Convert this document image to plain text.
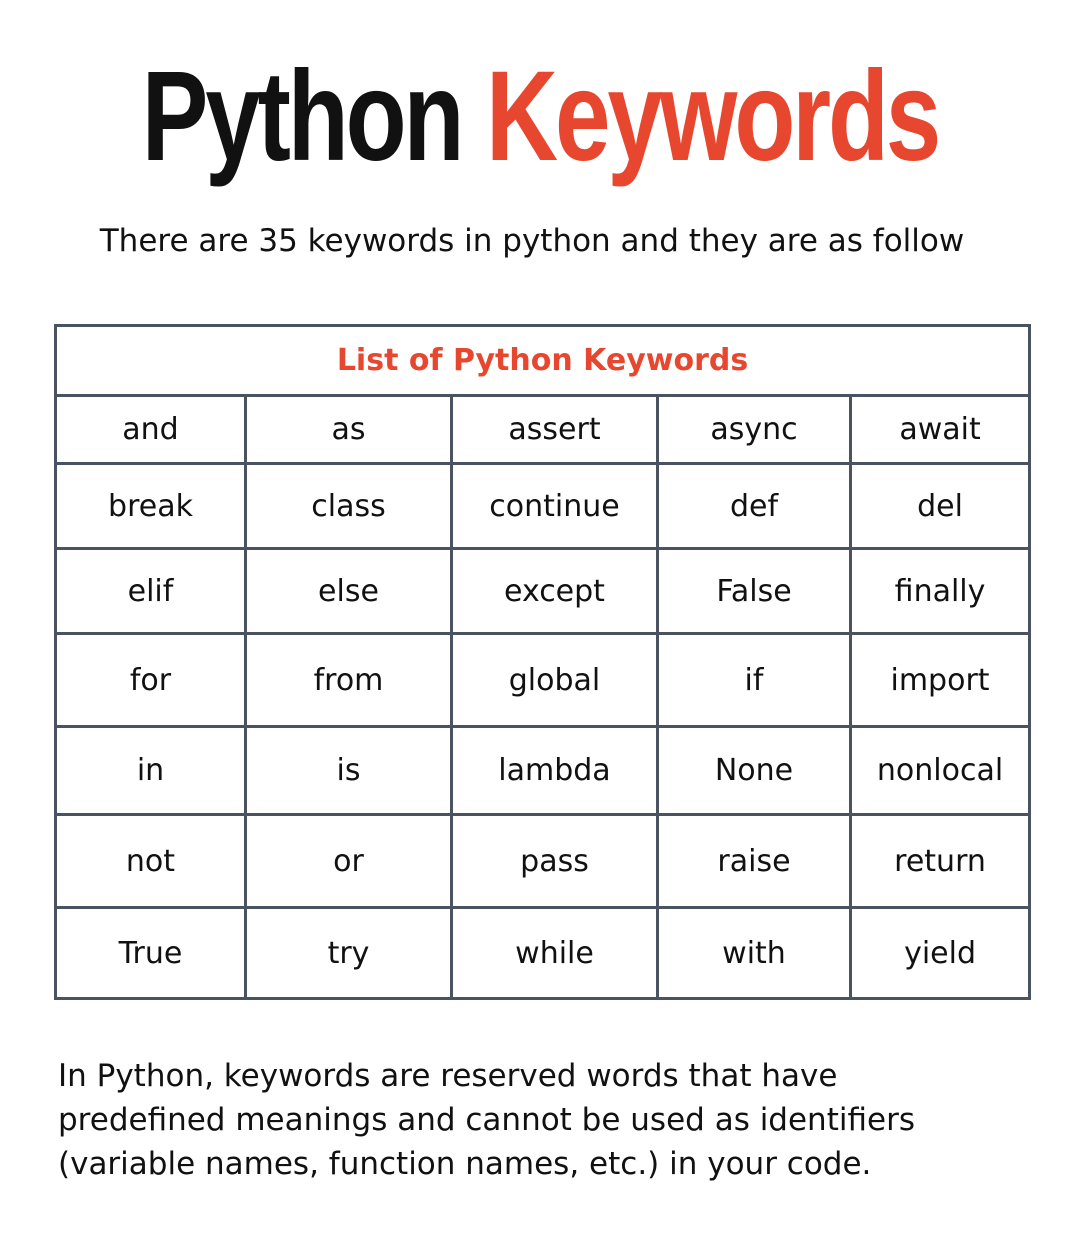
Python Keywords
There are 35 keywords in python and they are as follow
List of Python Keywords				
and	as	assert	async	await
break	class	continue	def	del
elif	else	except	False	finally
for	from	global	if	import
in	is	lambda	None	nonlocal
not	or	pass	raise	return
True	try	while	with	yield
In Python, keywords are reserved words that have
predefined meanings and cannot be used as identifiers
(variable names, function names, etc.) in your code.
